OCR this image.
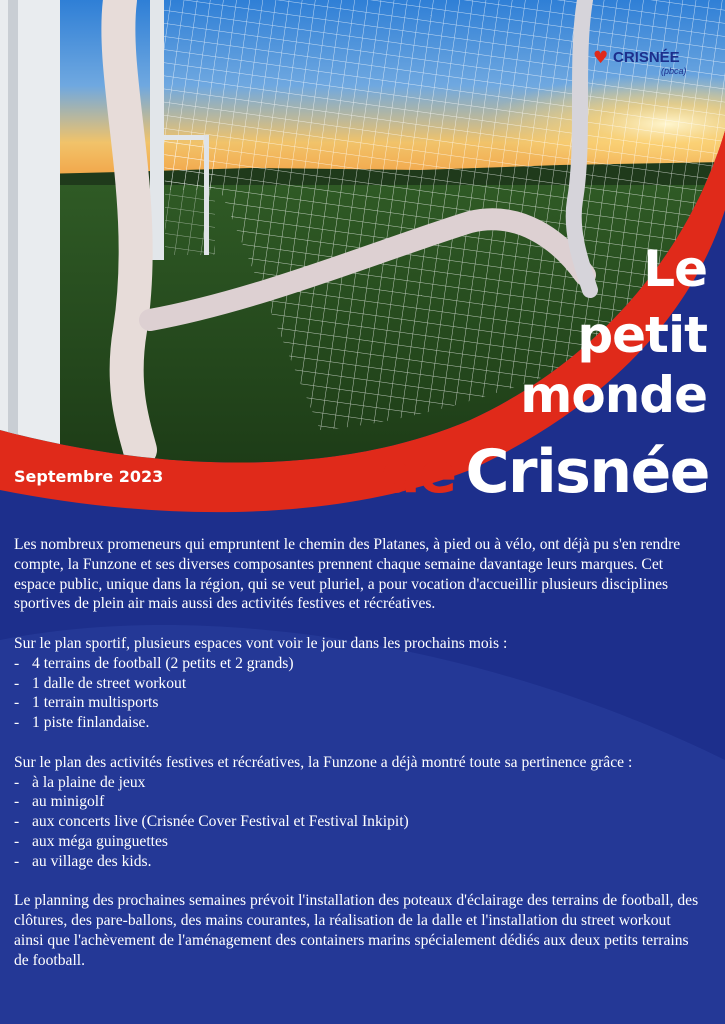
♥ CRISNÉE
(pbca)
Le
petit
monde
de Crisnée
Septembre 2023

Les nombreux promeneurs qui empruntent le chemin des Platanes, à pied ou à vélo, ont déjà pu s'en rendre compte, la Funzone et ses diverses composantes prennent chaque semaine davantage leurs marques. Cet espace public, unique dans la région, qui se veut pluriel, a pour vocation d'accueillir plusieurs disciplines sportives de plein air mais aussi des activités festives et récréatives.

Sur le plan sportif, plusieurs espaces vont voir le jour dans les prochains mois :
- 4 terrains de football (2 petits et 2 grands)
- 1 dalle de street workout
- 1 terrain multisports
- 1 piste finlandaise.
Sur le plan des activités festives et récréatives, la Funzone a déjà montré toute sa pertinence grâce :
- à la plaine de jeux
- au minigolf
- aux concerts live (Crisnée Cover Festival et Festival Inkipit)
- aux méga guinguettes
- au village des kids.

Le planning des prochaines semaines prévoit l'installation des poteaux d'éclairage des terrains de football, des clôtures, des pare-ballons, des mains courantes, la réalisation de la dalle et l'installation du street workout ainsi que l'achèvement de l'aménagement des containers marins spécialement dédiés aux deux petits terrains de football.
